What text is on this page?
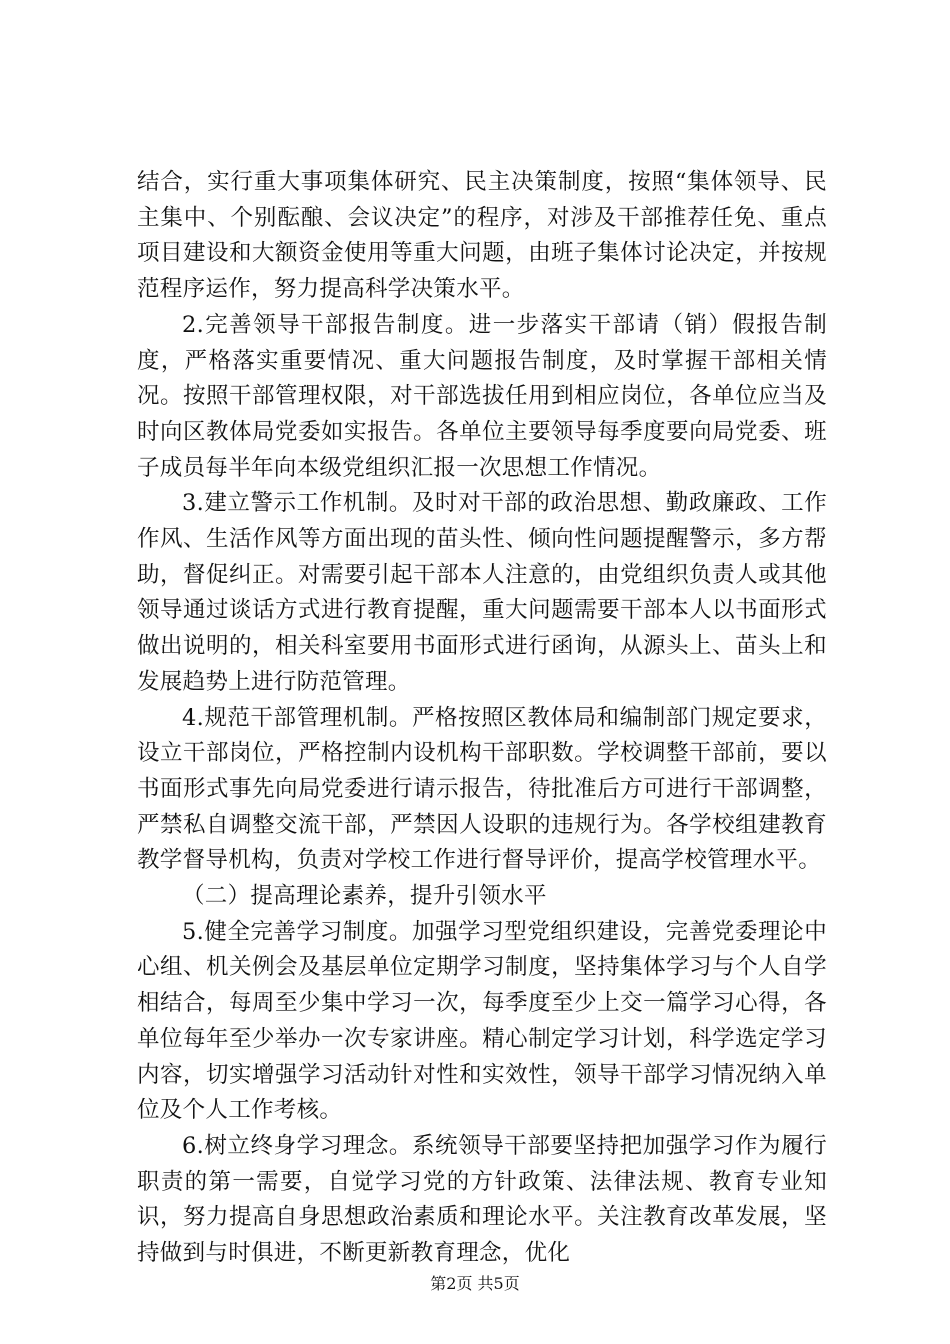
结合，实行重大事项集体研究、民主决策制度，按照“集体领导、民主集中、个别酝酿、会议决定”的程序，对涉及干部推荐任免、重点项目建设和大额资金使用等重大问题，由班子集体讨论决定，并按规范程序运作，努力提高科学决策水平。

2.完善领导干部报告制度。进一步落实干部请（销）假报告制度，严格落实重要情况、重大问题报告制度，及时掌握干部相关情况。按照干部管理权限，对干部选拔任用到相应岗位，各单位应当及时向区教体局党委如实报告。各单位主要领导每季度要向局党委、班子成员每半年向本级党组织汇报一次思想工作情况。

3.建立警示工作机制。及时对干部的政治思想、勤政廉政、工作作风、生活作风等方面出现的苗头性、倾向性问题提醒警示，多方帮助，督促纠正。对需要引起干部本人注意的，由党组织负责人或其他领导通过谈话方式进行教育提醒，重大问题需要干部本人以书面形式做出说明的，相关科室要用书面形式进行函询，从源头上、苗头上和发展趋势上进行防范管理。

4.规范干部管理机制。严格按照区教体局和编制部门规定要求，设立干部岗位，严格控制内设机构干部职数。学校调整干部前，要以书面形式事先向局党委进行请示报告，待批准后方可进行干部调整，严禁私自调整交流干部，严禁因人设职的违规行为。各学校组建教育教学督导机构，负责对学校工作进行督导评价，提高学校管理水平。

（二）提高理论素养，提升引领水平

5.健全完善学习制度。加强学习型党组织建设，完善党委理论中心组、机关例会及基层单位定期学习制度，坚持集体学习与个人自学相结合，每周至少集中学习一次，每季度至少上交一篇学习心得，各单位每年至少举办一次专家讲座。精心制定学习计划，科学选定学习内容，切实增强学习活动针对性和实效性，领导干部学习情况纳入单位及个人工作考核。

6.树立终身学习理念。系统领导干部要坚持把加强学习作为履行职责的第一需要，自觉学习党的方针政策、法律法规、教育专业知识，努力提高自身思想政治素质和理论水平。关注教育改革发展，坚持做到与时俱进，不断更新教育理念，优化

第2页 共5页
